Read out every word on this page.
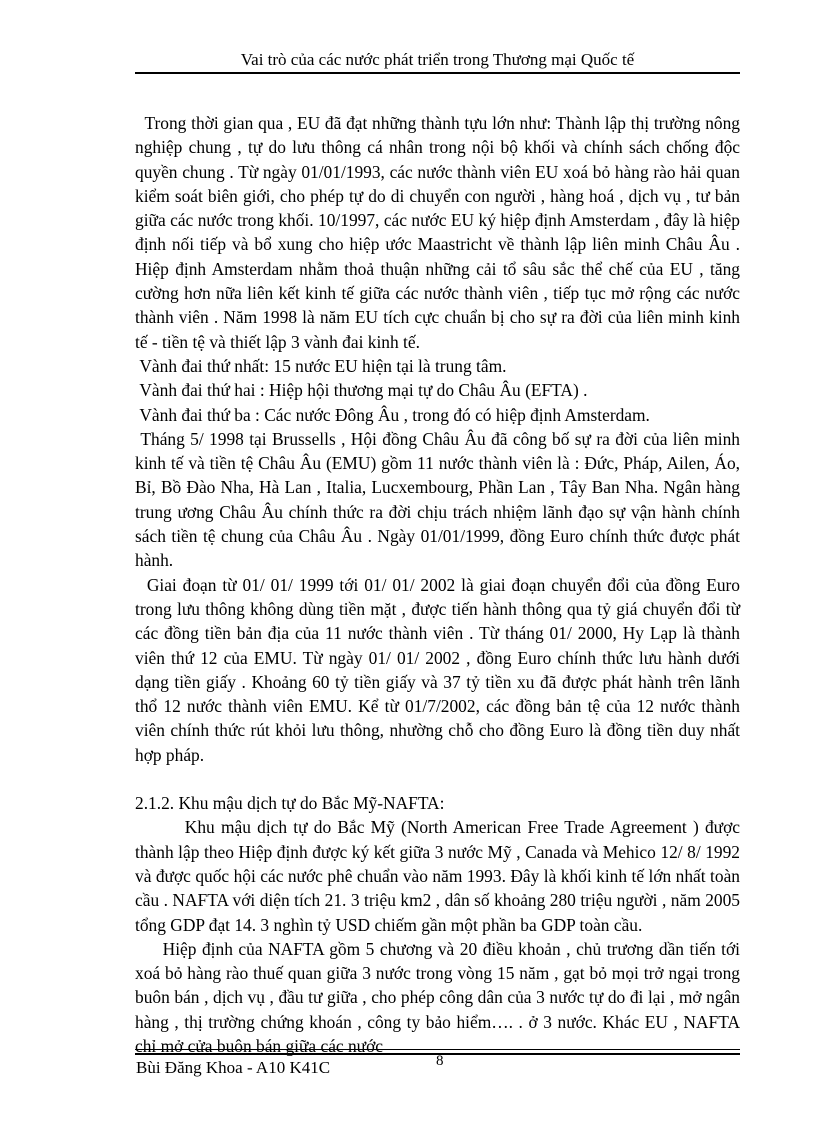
Vai trò của các nước phát triển trong Thương mại Quốc tế

Trong thời gian qua , EU đã đạt những thành tựu lớn như: Thành lập thị trường nông nghiệp chung , tự do lưu thông cá nhân trong nội bộ khối và chính sách chống độc quyền chung . Từ ngày 01/01/1993, các nước thành viên EU xoá bỏ hàng rào hải quan kiểm soát biên giới, cho phép tự do di chuyển con người , hàng hoá , dịch vụ , tư bản giữa các nước trong khối. 10/1997, các nước EU ký hiệp định Amsterdam , đây là hiệp định nối tiếp và bổ xung cho hiệp ước Maastricht về thành lập liên minh Châu Âu . Hiệp định Amsterdam nhằm thoả thuận những cải tổ sâu sắc thể chế của EU , tăng cường hơn nữa liên kết kinh tế giữa các nước thành viên , tiếp tục mở rộng các nước thành viên . Năm 1998 là năm EU tích cực chuẩn bị cho sự ra đời của liên minh kinh tế - tiền tệ và thiết lập 3 vành đai kinh tế.

Vành đai thứ nhất: 15 nước EU hiện tại là trung tâm.

Vành đai thứ hai : Hiệp hội thương mại tự do Châu Âu (EFTA) .

Vành đai thứ ba : Các nước Đông Âu , trong đó có hiệp định Amsterdam.

Tháng 5/ 1998 tại Brussells , Hội đồng Châu Âu đã công bố sự ra đời của liên minh kinh tế và tiền tệ Châu Âu (EMU) gồm 11 nước thành viên là : Đức, Pháp, Ailen, Áo, Bỉ, Bồ Đào Nha, Hà Lan , Italia, Lucxembourg, Phần Lan , Tây Ban Nha. Ngân hàng trung ương Châu Âu chính thức ra đời chịu trách nhiệm lãnh đạo sự vận hành chính sách tiền tệ chung của Châu Âu . Ngày 01/01/1999, đồng Euro chính thức được phát hành.

Giai đoạn từ 01/ 01/ 1999 tới 01/ 01/ 2002 là giai đoạn chuyển đổi của đồng Euro trong lưu thông không dùng tiền mặt , được tiến hành thông qua tỷ giá chuyển đổi từ các đồng tiền bản địa của 11 nước thành viên . Từ tháng 01/ 2000, Hy Lạp là thành viên thứ 12 của EMU. Từ ngày 01/ 01/ 2002 , đồng Euro chính thức lưu hành dưới dạng tiền giấy . Khoảng 60 tỷ tiền giấy và 37 tỷ tiền xu đã được phát hành trên lãnh thổ 12 nước thành viên EMU. Kể từ 01/7/2002, các đồng bản tệ của 12 nước thành viên chính thức rút khỏi lưu thông, nhường chỗ cho đồng Euro là đồng tiền duy nhất hợp pháp.

2.1.2. Khu mậu dịch tự do Bắc Mỹ-NAFTA:

Khu mậu dịch tự do Bắc Mỹ (North American Free Trade Agreement ) được thành lập theo Hiệp định được ký kết giữa 3 nước Mỹ , Canada và Mehico 12/ 8/ 1992 và được quốc hội các nước phê chuẩn vào năm 1993. Đây là khối kinh tế lớn nhất toàn cầu . NAFTA với diện tích 21. 3 triệu km2 , dân số khoảng 280 triệu người , năm 2005 tổng GDP đạt 14. 3 nghìn tỷ USD chiếm gần một phần ba GDP toàn cầu.

Hiệp định của NAFTA gồm 5 chương và 20 điều khoản , chủ trương dần tiến tới xoá bỏ hàng rào thuế quan giữa 3 nước trong vòng 15 năm , gạt bỏ mọi trở ngại trong buôn bán , dịch vụ , đầu tư giữa , cho phép công dân của 3 nước tự do đi lại , mở ngân hàng , thị trường chứng khoán , công ty bảo hiểm…. . ở 3 nước. Khác EU , NAFTA chỉ mở cửa buôn bán giữa các nước

Bùi Đăng Khoa - A10 K41C	8
